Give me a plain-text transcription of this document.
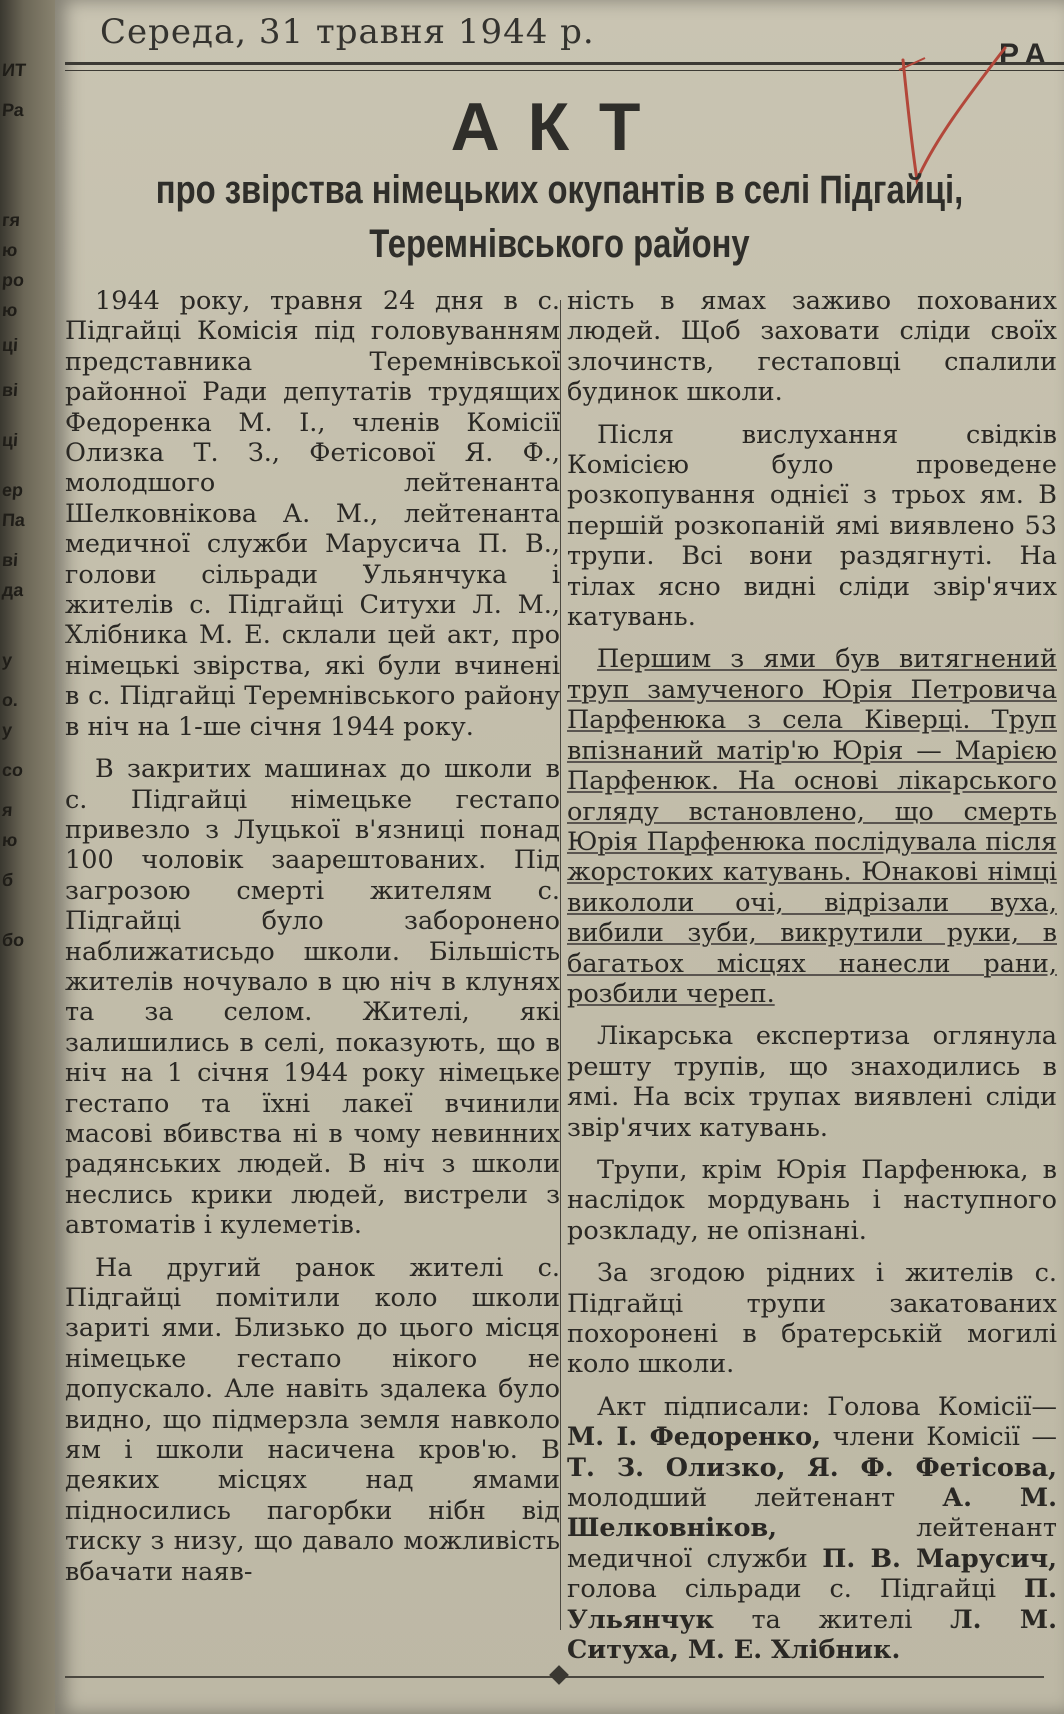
ИТ
Ра
гя
ю
ро
ю
ці
ві
ці
ер
Па
ві
да
у
о.
у
со
я
ю
б
бо
Середа, 31 травня 1944 р.
РА
АКТ
про звірства німецьких окупантів в селі Підгайці,
Теремнівського району

1944 року, травня 24 дня в с. Підгайці Комісія під головуванням представника Теремнівської районної Ради депутатів трудящих Федоренка М. І., членів Комісії Олизка Т. З., Фетісової Я. Ф., молодшого лейтенанта Шелковнікова А. М., лейтенанта медичної служби Марусича П. В., голови сільради Ульянчука і жителів с. Підгайці Ситухи Л. М., Хлібника М. Е. склали цей акт, про німецькі звірства, які були вчинені в с. Підгайці Теремнівського району в ніч на 1-ше січня 1944 року.

В закритих машинах до школи в с. Підгайці німецьке гестапо привезло з Луцької в'язниці понад 100 чоловік заарештованих. Під загрозою смерті жителям с. Підгайці було заборонено наближатисьдо школи. Більшість жителів ночувало в цю ніч в клунях та за селом. Жителі, які залишились в селі, показують, що в ніч на 1 січня 1944 року німецьке гестапо та їхні лакеї вчинили масові вбивства ні в чому невинних радянських людей. В ніч з школи неслись крики людей, вистрели з автоматів і кулеметів.

На другий ранок жителі с. Підгайці помітили коло школи зариті ями. Близько до цього місця німецьке гестапо нікого не допускало. Але навіть здалека було видно, що підмерзла земля навколо ям і школи насичена кров'ю. В деяких місцях над ямами підносились пагорбки нібн від тиску з низу, що давало можливість вбачати наяв-

ність в ямах заживо похованих людей. Щоб заховати сліди своїх злочинств, гестаповці спалили будинок школи.

Після вислухання свідків Комісією було проведене розкопування однієї з трьох ям. В першій розкопаній ямі виявлено 53 трупи. Всі вони раздягнуті. На тілах ясно видні сліди звір'ячих катувань.

Першим з ями був витягнений труп замученого Юрія Петровича Парфенюка з села Ківерці. Труп впізнаний матір'ю Юрія — Марією Парфенюк. На основі лікарського огляду встановлено, що смерть Юрія Парфенюка послідувала після жорстоких катувань. Юнакові німці викололи очі, відрізали вуха, вибили зуби, викрутили руки, в багатьох місцях нанесли рани, розбили череп.

Лікарська експертиза оглянула решту трупів, що знаходились в ямі. На всіх трупах виявлені сліди звір'ячих катувань.

Трупи, крім Юрія Парфенюка, в наслідок мордувань і наступного розкладу, не опізнані.

За згодою рідних і жителів с. Підгайці трупи закатованих похоронені в братерській могилі коло школи.

Акт підписали: Голова Комісії—М. І. Федоренко, члени Комісії — Т. З. Олизко, Я. Ф. Фетісова, молодший лейтенант А. М. Шелковніков,	лейтенант медичної служби П. В. Марусич, голова сільради с. Підгайці П. Ульянчук та жителі Л. М. Ситуха, М. Е. Хлібник.
